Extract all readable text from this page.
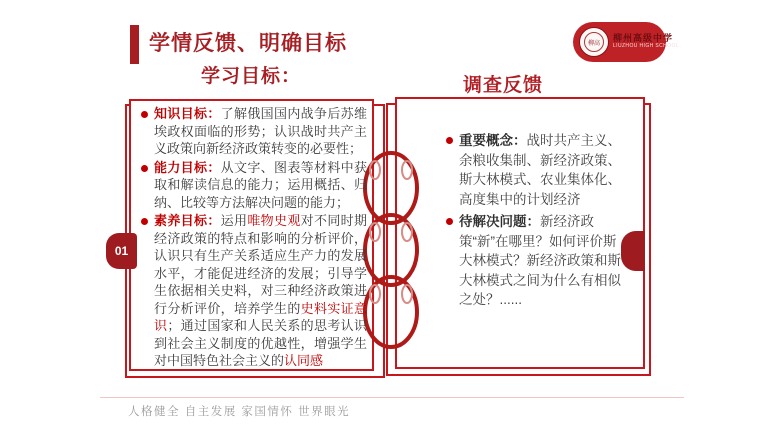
学情反馈、明确目标
学习目标：	调查反馈
柳高
柳州高级中学
LIUZHOU HIGH SCHOOL
01
知识目标：了解俄国国内战争后苏维埃政权面临的形势；认识战时共产主义政策向新经济政策转变的必要性；
能力目标：从文字、图表等材料中获取和解读信息的能力；运用概括、归纳、比较等方法解决问题的能力；
素养目标：运用唯物史观对不同时期经济政策的特点和影响的分析评价，认识只有生产关系适应生产力的发展水平，才能促进经济的发展；引导学生依据相关史料，对三种经济政策进行分析评价，培养学生的史料实证意识；通过国家和人民关系的思考认识到社会主义制度的优越性，增强学生对中国特色社会主义的认同感
重要概念：战时共产主义、余粮收集制、新经济政策、斯大林模式、农业集体化、高度集中的计划经济
待解决问题：新经济政策“新”在哪里？如何评价斯大林模式？新经济政策和斯大林模式之间为什么有相似之处？......
人格健全 自主发展 家国情怀 世界眼光
